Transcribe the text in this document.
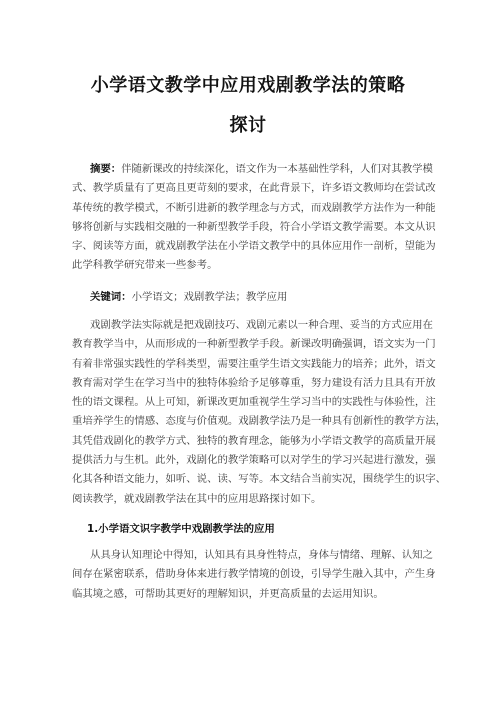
小学语文教学中应用戏剧教学法的策略
探讨
摘要：伴随新课改的持续深化，语文作为一本基础性学科，人们对其教学模
式、教学质量有了更高且更苛刻的要求，在此背景下，许多语文教师均在尝试改
革传统的教学模式，不断引进新的教学理念与方式，而戏剧教学方法作为一种能
够将创新与实践相交融的一种新型教学手段，符合小学语文教学需要。本文从识
字、阅读等方面，就戏剧教学法在小学语文教学中的具体应用作一剖析，望能为
此学科教学研究带来一些参考。
关键词：小学语文；戏剧教学法；教学应用
戏剧教学法实际就是把戏剧技巧、戏剧元素以一种合理、妥当的方式应用在
教育教学当中，从而形成的一种新型教学手段。新课改明确强调，语文实为一门
有着非常强实践性的学科类型，需要注重学生语文实践能力的培养；此外，语文
教育需对学生在学习当中的独特体验给予足够尊重，努力建设有活力且具有开放
性的语文课程。从上可知，新课改更加重视学生学习当中的实践性与体验性，注
重培养学生的情感、态度与价值观。戏剧教学法乃是一种具有创新性的教学方法，
其凭借戏剧化的教学方式、独特的教育理念，能够为小学语文教学的高质量开展
提供活力与生机。此外，戏剧化的教学策略可以对学生的学习兴起进行激发，强
化其各种语文能力，如听、说、读、写等。本文结合当前实况，围绕学生的识字、
阅读教学，就戏剧教学法在其中的应用思路探讨如下。
1.小学语文识字教学中戏剧教学法的应用
从具身认知理论中得知，认知具有具身性特点，身体与情绪、理解、认知之
间存在紧密联系，借助身体来进行教学情境的创设，引导学生融入其中，产生身
临其境之感，可帮助其更好的理解知识，并更高质量的去运用知识。
